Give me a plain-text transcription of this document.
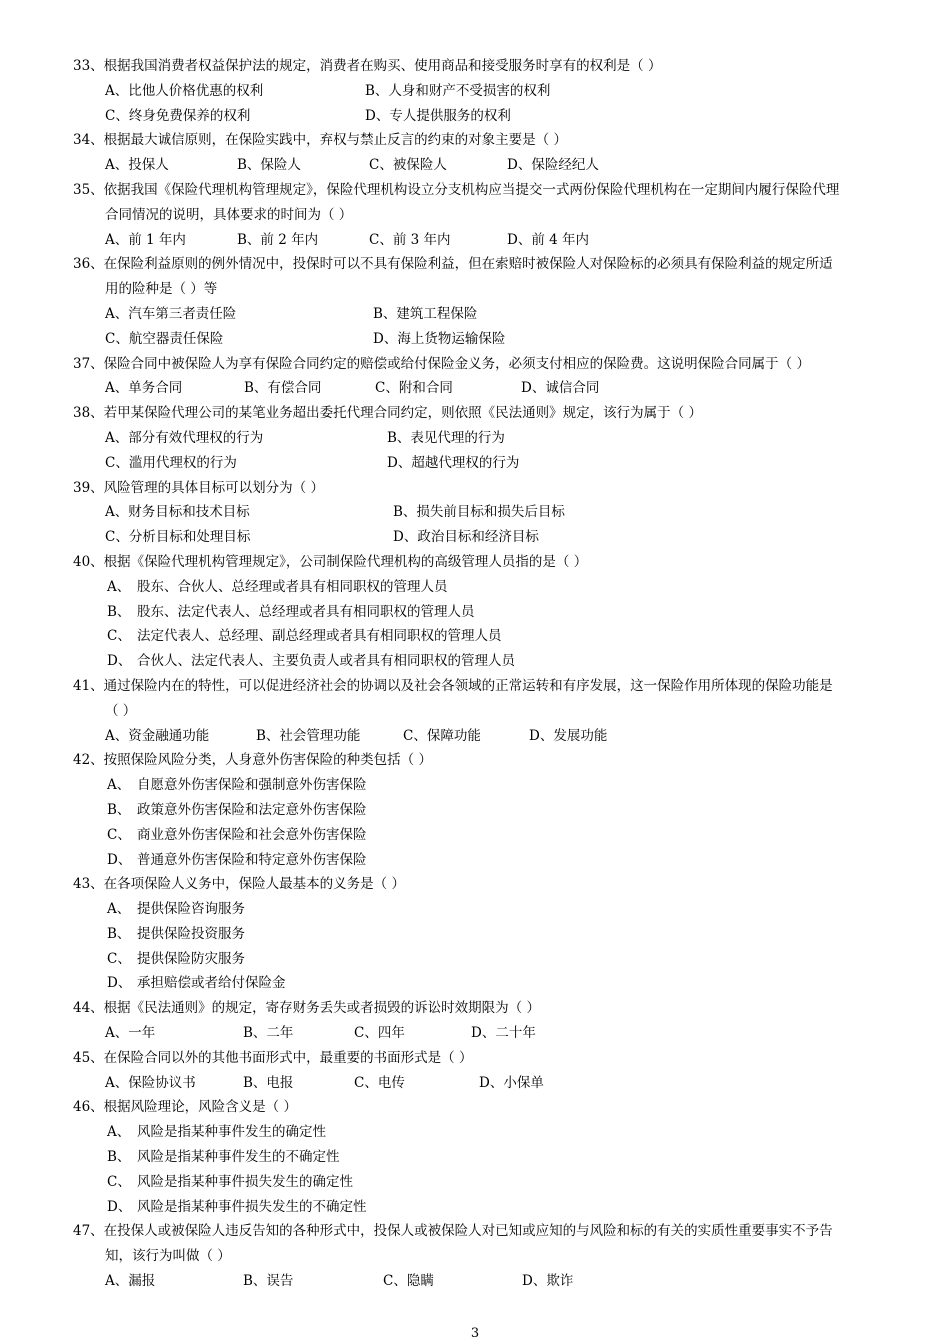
33、根据我国消费者权益保护法的规定，消费者在购买、使用商品和接受服务时享有的权利是（ ）
A、比他人价格优惠的权利	B、人身和财产不受损害的权利
C、终身免费保养的权利	D、专人提供服务的权利
34、根据最大诚信原则，在保险实践中，弃权与禁止反言的约束的对象主要是（ ）
A、投保人	B、保险人	C、被保险人	D、保险经纪人
35、依据我国《保险代理机构管理规定》，保险代理机构设立分支机构应当提交一式两份保险代理机构在一定期间内履行保险代理
合同情况的说明，具体要求的时间为（ ）
A、前 1 年内	B、前 2 年内	C、前 3 年内	D、前 4 年内
36、在保险利益原则的例外情况中，投保时可以不具有保险利益，但在索赔时被保险人对保险标的必须具有保险利益的规定所适
用的险种是（ ）等
A、汽车第三者责任险	B、建筑工程保险
C、航空器责任保险	D、海上货物运输保险
37、保险合同中被保险人为享有保险合同约定的赔偿或给付保险金义务，必须支付相应的保险费。这说明保险合同属于（ ）
A、单务合同	B、有偿合同	C、附和合同	D、诚信合同
38、若甲某保险代理公司的某笔业务超出委托代理合同约定，则依照《民法通则》规定，该行为属于（ ）
A、部分有效代理权的行为	B、表见代理的行为
C、滥用代理权的行为	D、超越代理权的行为
39、风险管理的具体目标可以划分为（ ）
A、财务目标和技术目标	B、损失前目标和损失后目标
C、分析目标和处理目标	D、政治目标和经济目标
40、根据《保险代理机构管理规定》，公司制保险代理机构的高级管理人员指的是（ ）
A、 股东、合伙人、总经理或者具有相同职权的管理人员
B、 股东、法定代表人、总经理或者具有相同职权的管理人员
C、 法定代表人、总经理、副总经理或者具有相同职权的管理人员
D、 合伙人、法定代表人、主要负责人或者具有相同职权的管理人员
41、通过保险内在的特性，可以促进经济社会的协调以及社会各领域的正常运转和有序发展，这一保险作用所体现的保险功能是
（ ）
A、资金融通功能	B、社会管理功能	C、保障功能	D、发展功能
42、按照保险风险分类，人身意外伤害保险的种类包括（ ）
A、 自愿意外伤害保险和强制意外伤害保险
B、 政策意外伤害保险和法定意外伤害保险
C、 商业意外伤害保险和社会意外伤害保险
D、 普通意外伤害保险和特定意外伤害保险
43、在各项保险人义务中，保险人最基本的义务是（ ）
A、 提供保险咨询服务
B、 提供保险投资服务
C、 提供保险防灾服务
D、 承担赔偿或者给付保险金
44、根据《民法通则》的规定，寄存财务丢失或者损毁的诉讼时效期限为（ ）
A、一年	B、二年	C、四年	D、二十年
45、在保险合同以外的其他书面形式中，最重要的书面形式是（ ）
A、保险协议书	B、电报	C、电传	D、小保单
46、根据风险理论，风险含义是（ ）
A、 风险是指某种事件发生的确定性
B、 风险是指某种事件发生的不确定性
C、 风险是指某种事件损失发生的确定性
D、 风险是指某种事件损失发生的不确定性
47、在投保人或被保险人违反告知的各种形式中，投保人或被保险人对已知或应知的与风险和标的有关的实质性重要事实不予告
知，该行为叫做（ ）
A、漏报	B、误告	C、隐瞒	D、欺诈
3
